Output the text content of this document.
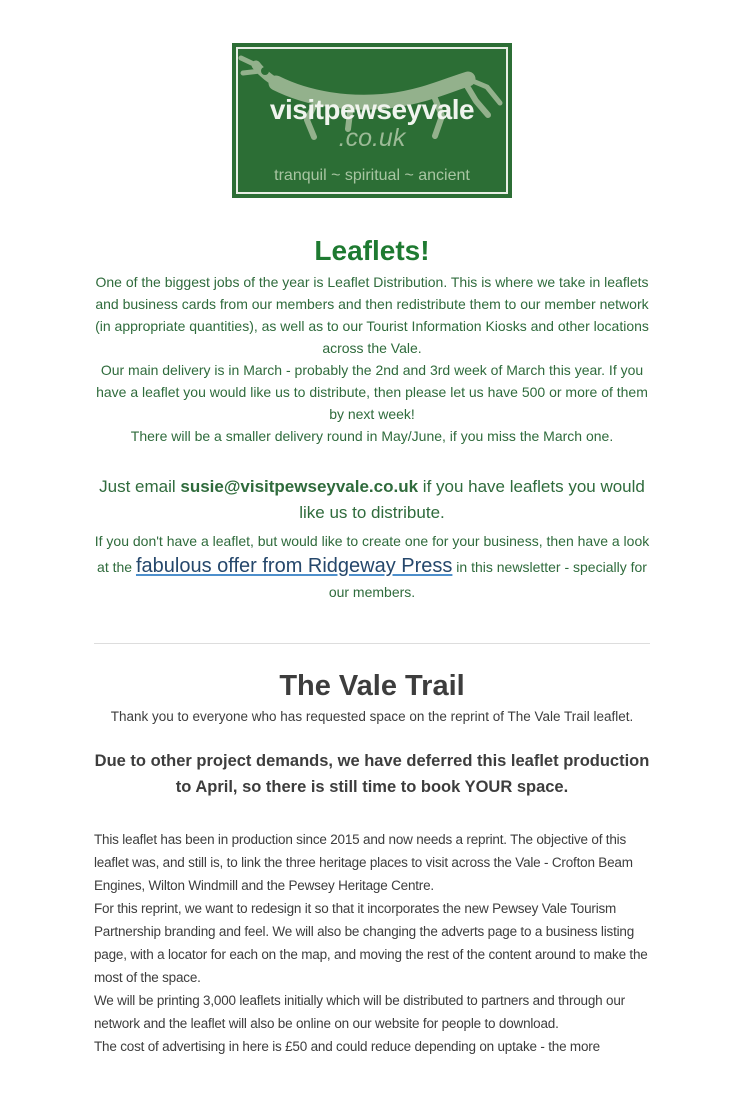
visitpewseyvale
.co.uk
tranquil ~ spiritual ~ ancient
Leaflets!

One of the biggest jobs of the year is Leaflet Distribution. This is where we take in leaflets and business cards from our members and then redistribute them to our member network (in appropriate quantities), as well as to our Tourist Information Kiosks and other locations across the Vale.

Our main delivery is in March - probably the 2nd and 3rd week of March this year. If you have a leaflet you would like us to distribute, then please let us have 500 or more of them by next week!

There will be a smaller delivery round in May/June, if you miss the March one.

Just email susie@visitpewseyvale.co.uk if you have leaflets you would like us to distribute.

If you don't have a leaflet, but would like to create one for your business, then have a look at the fabulous offer from Ridgeway Press in this newsletter - specially for our members.

The Vale Trail

Thank you to everyone who has requested space on the reprint of The Vale Trail leaflet.

Due to other project demands, we have deferred this leaflet production to April, so there is still time to book YOUR space.

This leaflet has been in production since 2015 and now needs a reprint. The objective of this leaflet was, and still is, to link the three heritage places to visit across the Vale - Crofton Beam Engines, Wilton Windmill and the Pewsey Heritage Centre.

For this reprint, we want to redesign it so that it incorporates the new Pewsey Vale Tourism Partnership branding and feel. We will also be changing the adverts page to a business listing page, with a locator for each on the map, and moving the rest of the content around to make the most of the space.

We will be printing 3,000 leaflets initially which will be distributed to partners and through our network and the leaflet will also be online on our website for people to download.

The cost of advertising in here is £50 and could reduce depending on uptake - the more
